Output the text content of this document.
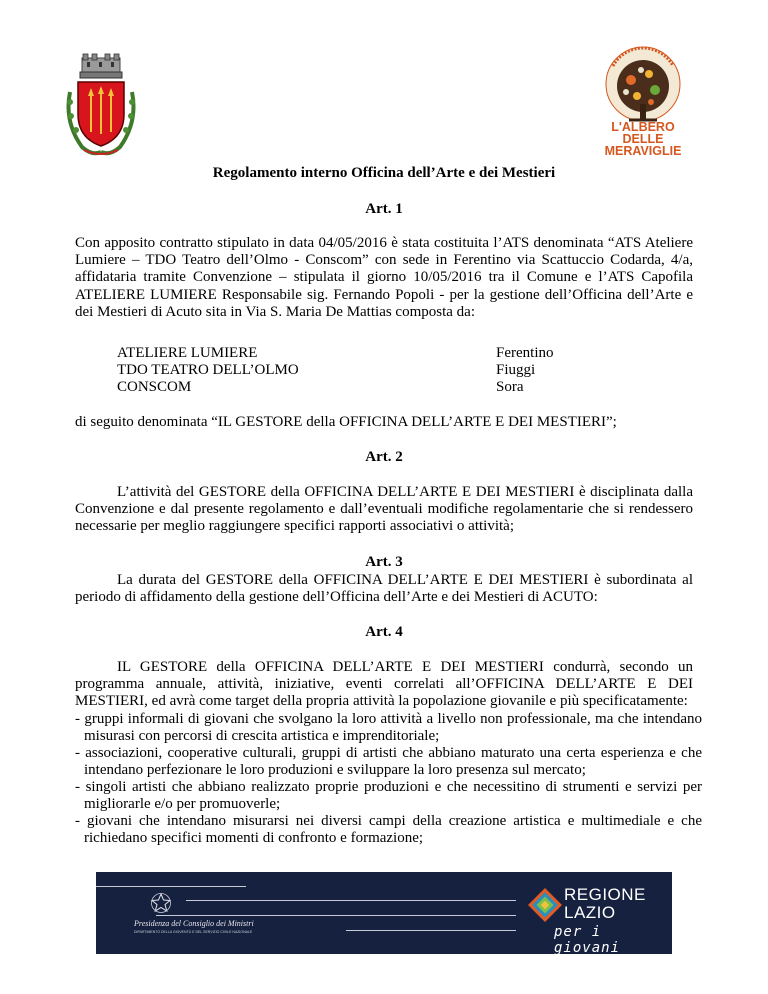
L'ALBERO DELLE MERAVIGLIE
Regolamento interno Officina dell’Arte e dei Mestieri
Art. 1
Con apposito contratto stipulato in data 04/05/2016 è stata costituita l’ATS denominata “ATS Ateliere Lumiere – TDO Teatro dell’Olmo - Conscom” con sede in Ferentino via Scattuccio Codarda, 4/a, affidataria tramite Convenzione – stipulata il giorno 10/05/2016 tra il Comune e l’ATS Capofila ATELIERE LUMIERE Responsabile sig. Fernando Popoli - per la gestione dell’Officina dell’Arte e dei Mestieri di Acuto sita in Via S. Maria De Mattias composta da:
ATELIERE LUMIERE	Ferentino
TDO TEATRO DELL’OLMO	Fiuggi
CONSCOM	Sora
di seguito denominata “IL GESTORE della OFFICINA DELL’ARTE E DEI MESTIERI”;
Art. 2
L’attività del GESTORE della OFFICINA DELL’ARTE E DEI MESTIERI è disciplinata dalla Convenzione e dal presente regolamento e dall’eventuali modifiche regolamentarie che si rendessero necessarie per meglio raggiungere specifici rapporti associativi o attività;
Art. 3
La durata del GESTORE della OFFICINA DELL’ARTE E DEI MESTIERI è subordinata al periodo di affidamento della gestione dell’Officina dell’Arte e dei Mestieri di ACUTO:
Art. 4
IL GESTORE della OFFICINA DELL’ARTE E DEI MESTIERI condurrà, secondo un programma annuale, attività, iniziative, eventi correlati all’OFFICINA DELL’ARTE E DEI MESTIERI, ed avrà come target della propria attività la popolazione giovanile e più specificatamente:
- gruppi informali di giovani che svolgano la loro attività a livello non professionale, ma che intendano misurasi con percorsi di crescita artistica e imprenditoriale;
- associazioni, cooperative culturali, gruppi di artisti che abbiano maturato una certa esperienza e che intendano perfezionare le loro produzioni e sviluppare la loro presenza sul mercato;
- singoli artisti che abbiano realizzato proprie produzioni e che necessitino di strumenti e servizi per migliorarle e/o per promuoverle;
- giovani che intendano misurarsi nei diversi campi della creazione artistica e multimediale e che richiedano specifici momenti di confronto e formazione;
Presidenza del Consiglio dei Ministri
DIPARTIMENTO DELLA GIOVENTÙ E DEL SERVIZIO CIVILE NAZIONALE
REGIONE
LAZIO
per i giovani
